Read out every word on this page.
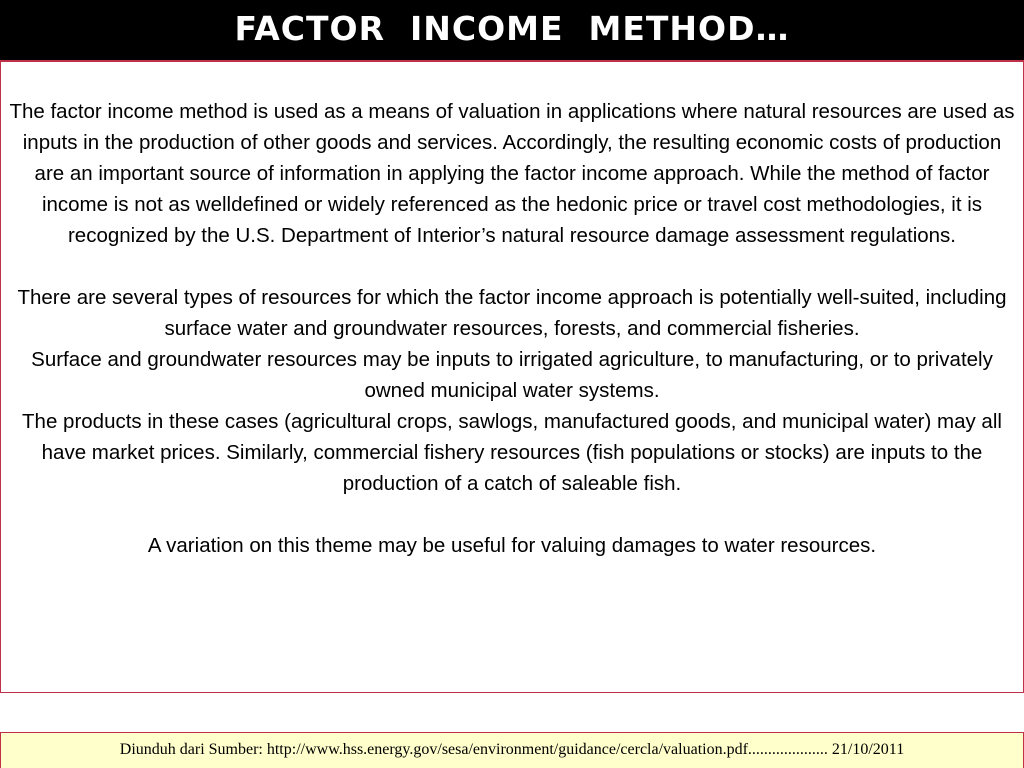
FACTOR  INCOME  METHOD…

The factor income method is used as a means of valuation in applications where natural resources are used as inputs in the production of other goods and services. Accordingly, the resulting economic costs of production are an important source of information in applying the factor income approach. While the method of factor income is not as welldefined or widely referenced as the hedonic price or travel cost methodologies, it is recognized by the U.S. Department of Interior’s natural resource damage assessment regulations.

There are several types of resources for which the factor income approach is potentially well-suited, including surface water and groundwater resources, forests, and commercial fisheries.

Surface and groundwater resources may be inputs to irrigated agriculture, to manufacturing, or to privately owned municipal water systems.

The products in these cases (agricultural crops, sawlogs, manufactured goods, and municipal water) may all have market prices. Similarly, commercial fishery resources (fish populations or stocks) are inputs to the production of a catch of saleable fish.

A variation on this theme may be useful for valuing damages to water resources.

Diunduh dari Sumber: http://www.hss.energy.gov/sesa/environment/guidance/cercla/valuation.pdf.................... 21/10/2011
